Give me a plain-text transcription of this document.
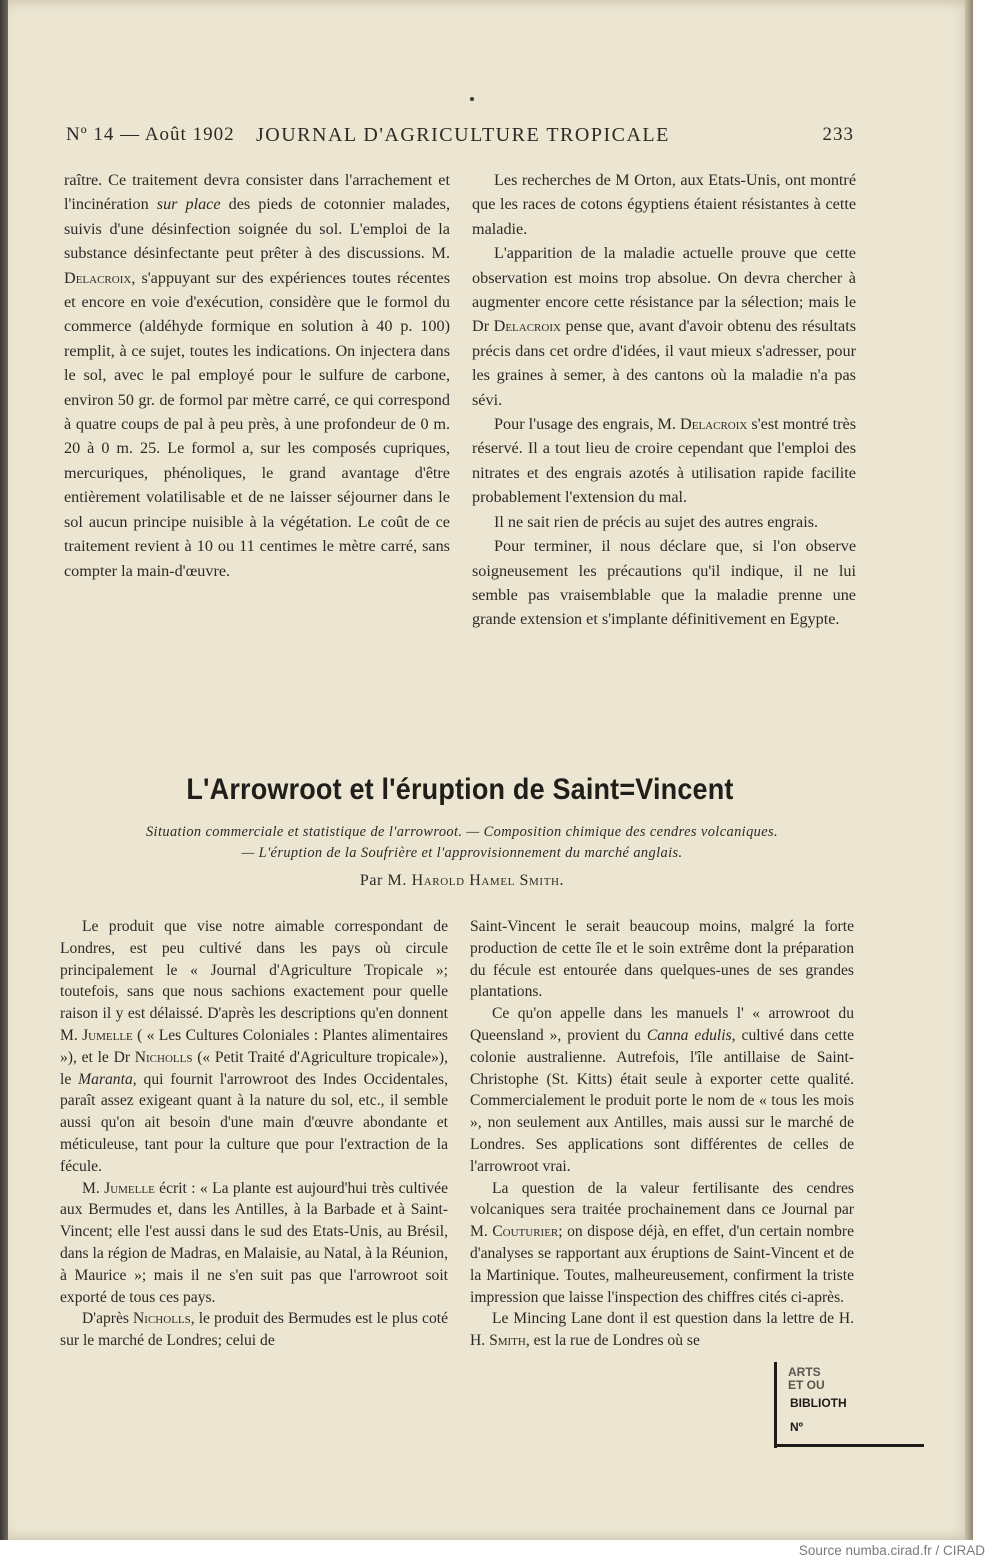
Nº 14 — Août 1902 JOURNAL D'AGRICULTURE TROPICALE	233

raître. Ce traitement devra consister dans l'arrachement et l'incinération sur place des pieds de cotonnier malades, suivis d'une désinfection soignée du sol. L'emploi de la substance désinfectante peut prêter à des discussions. M. Delacroix, s'appuyant sur des expériences toutes récentes et encore en voie d'exécution, considère que le formol du commerce (aldéhyde formique en solution à 40 p. 100) remplit, à ce sujet, toutes les indications. On injectera dans le sol, avec le pal employé pour le sulfure de carbone, environ 50 gr. de formol par mètre carré, ce qui correspond à quatre coups de pal à peu près, à une profondeur de 0 m. 20 à 0 m. 25. Le formol a, sur les composés cupriques, mercuriques, phénoliques, le grand avantage d'être entièrement volatilisable et de ne laisser séjourner dans le sol aucun principe nuisible à la végétation. Le coût de ce traitement revient à 10 ou 11 centimes le mètre carré, sans compter la main-d'œuvre.

Les recherches de M Orton, aux Etats-Unis, ont montré que les races de cotons égyptiens étaient résistantes à cette maladie.

L'apparition de la maladie actuelle prouve que cette observation est moins trop absolue. On devra chercher à augmenter encore cette résistance par la sélection; mais le Dr Delacroix pense que, avant d'avoir obtenu des résultats précis dans cet ordre d'idées, il vaut mieux s'adresser, pour les graines à semer, à des cantons où la maladie n'a pas sévi.

Pour l'usage des engrais, M. Delacroix s'est montré très réservé. Il a tout lieu de croire cependant que l'emploi des nitrates et des engrais azotés à utilisation rapide facilite probablement l'extension du mal.

Il ne sait rien de précis au sujet des autres engrais.

Pour terminer, il nous déclare que, si l'on observe soigneusement les précautions qu'il indique, il ne lui semble pas vraisemblable que la maladie prenne une grande extension et s'implante définitivement en Egypte.

L'Arrowroot et l'éruption de Saint=Vincent
Situation commerciale et statistique de l'arrowroot. — Composition chimique des cendres volcaniques.
— L'éruption de la Soufrière et l'approvisionnement du marché anglais.
Par M. Harold Hamel Smith.

Le produit que vise notre aimable correspondant de Londres, est peu cultivé dans les pays où circule principalement le « Journal d'Agriculture Tropicale »; toutefois, sans que nous sachions exactement pour quelle raison il y est délaissé. D'après les descriptions qu'en donnent M. Jumelle ( « Les Cultures Coloniales : Plantes alimentaires »), et le Dr Nicholls (« Petit Traité d'Agriculture tropicale»), le Maranta, qui fournit l'arrowroot des Indes Occidentales, paraît assez exigeant quant à la nature du sol, etc., il semble aussi qu'on ait besoin d'une main d'œuvre abondante et méticuleuse, tant pour la culture que pour l'extraction de la fécule.

M. Jumelle écrit : « La plante est aujourd'hui très cultivée aux Bermudes et, dans les Antilles, à la Barbade et à Saint-Vincent; elle l'est aussi dans le sud des Etats-Unis, au Brésil, dans la région de Madras, en Malaisie, au Natal, à la Réunion, à Maurice »; mais il ne s'en suit pas que l'arrowroot soit exporté de tous ces pays.

D'après Nicholls, le produit des Bermudes est le plus coté sur le marché de Londres; celui de

Saint-Vincent le serait beaucoup moins, malgré la forte production de cette île et le soin extrême dont la préparation du fécule est entourée dans quelques-unes de ses grandes plantations.

Ce qu'on appelle dans les manuels l' « arrowroot du Queensland », provient du Canna edulis, cultivé dans cette colonie australienne. Autrefois, l'île antillaise de Saint-Christophe (St. Kitts) était seule à exporter cette qualité. Commercialement le produit porte le nom de « tous les mois », non seulement aux Antilles, mais aussi sur le marché de Londres. Ses applications sont différentes de celles de l'arrowroot vrai.

La question de la valeur fertilisante des cendres volcaniques sera traitée prochainement dans ce Journal par M. Couturier; on dispose déjà, en effet, d'un certain nombre d'analyses se rapportant aux éruptions de Saint-Vincent et de la Martinique. Toutes, malheureusement, confirment la triste impression que laisse l'inspection des chiffres cités ci-après.

Le Mincing Lane dont il est question dans la lettre de H. H. Smith, est la rue de Londres où se

ARTS
ET OU
BIBLIOTH
Nº
Source numba.cirad.fr / CIRAD
